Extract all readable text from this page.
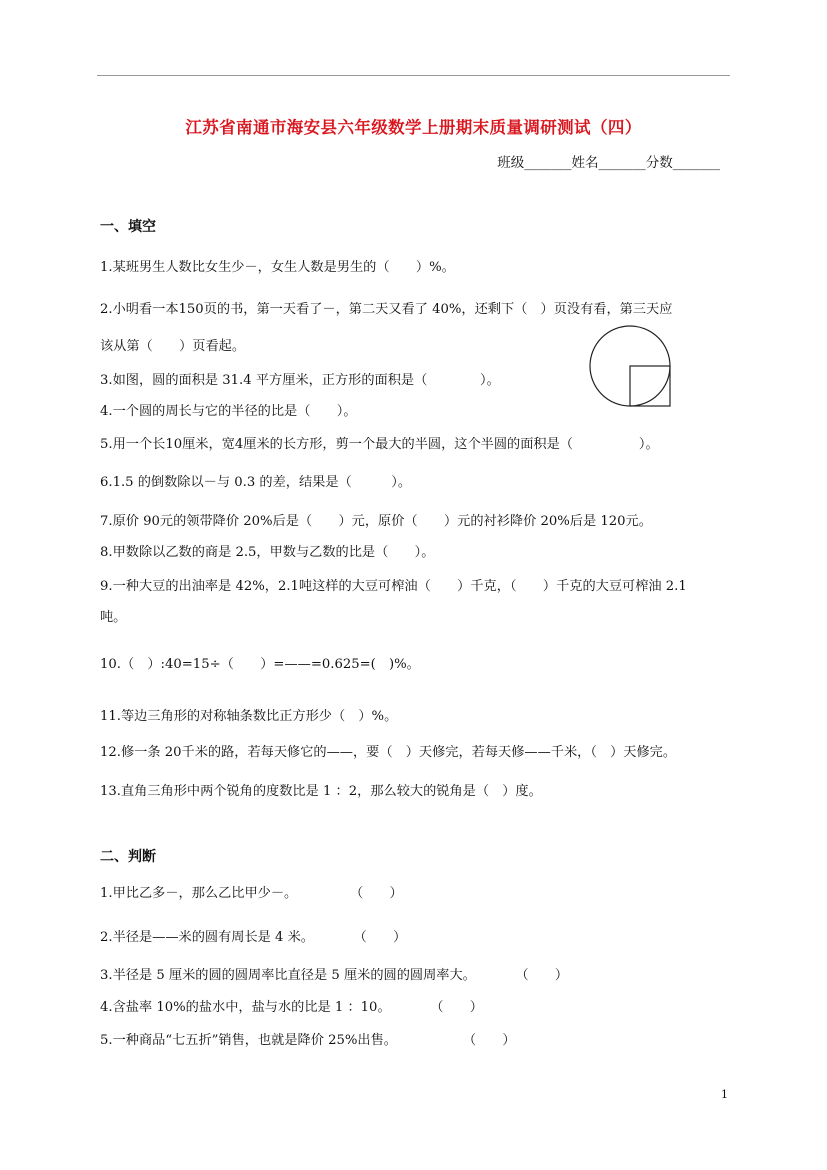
江苏省南通市海安县六年级数学上册期末质量调研测试（四）
班级_______姓名_______分数_______
一、填空
1.某班男生人数比女生少－，女生人数是男生的（　　）%。
2.小明看一本150页的书，第一天看了－，第二天又看了 40%，还剩下（　）页没有看，第三天应
该从第（　　）页看起。
3.如图，圆的面积是 31.4 平方厘米，正方形的面积是（　　　　）。
4.一个圆的周长与它的半径的比是（　　）。
5.用一个长10厘米，宽4厘米的长方形，剪一个最大的半圆，这个半圆的面积是（　　　　　）。
6.1.5 的倒数除以－与 0.3 的差，结果是（　　　）。
7.原价 90元的领带降价 20%后是（　　）元，原价（　　）元的衬衫降价 20%后是 120元。
8.甲数除以乙数的商是 2.5，甲数与乙数的比是（　　）。
9.一种大豆的出油率是 42%，2.1吨这样的大豆可榨油（　　）千克，（　　）千克的大豆可榨油 2.1
吨。
10.（　）:40=15÷（　　）=——=0.625=(　)%。
11.等边三角形的对称轴条数比正方形少（　）%。
12.修一条 20千米的路，若每天修它的——，要（　）天修完，若每天修——千米，（　）天修完。
13.直角三角形中两个锐角的度数比是 1 ：2，那么较大的锐角是（　）度。
二、判断
1.甲比乙多－，那么乙比甲少－。　　　　　（　　）
2.半径是——米的圆有周长是 4 米。　　　　（　　）
3.半径是 5 厘米的圆的圆周率比直径是 5 厘米的圆的圆周率大。　　　　（　　）
4.含盐率 10%的盐水中，盐与水的比是 1 ：10。　　　　（　　）
5.一种商品“七五折”销售，也就是降价 25%出售。　　　　　　（　　）
1
